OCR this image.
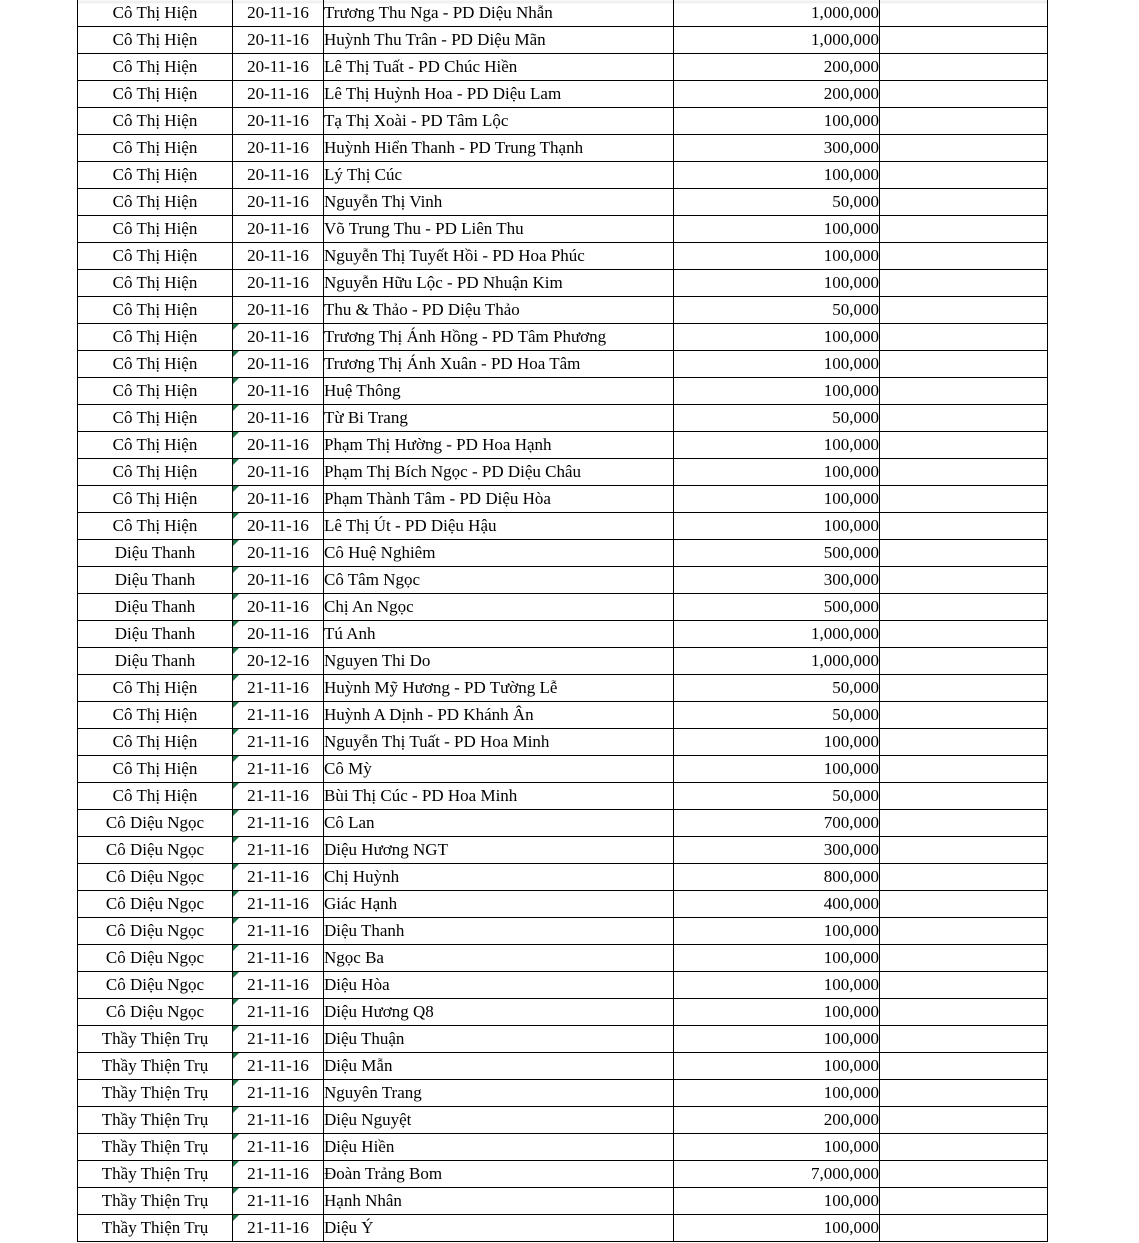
Cô Thị Hiện	20-11-16	Trương Thu Nga - PD Diệu Nhẫn	1,000,000	
Cô Thị Hiện	20-11-16	Huỳnh Thu Trân - PD Diệu Mãn	1,000,000	
Cô Thị Hiện	20-11-16	Lê Thị Tuất - PD Chúc Hiền	200,000	
Cô Thị Hiện	20-11-16	Lê Thị Huỳnh Hoa - PD Diệu Lam	200,000	
Cô Thị Hiện	20-11-16	Tạ Thị Xoài - PD Tâm Lộc	100,000	
Cô Thị Hiện	20-11-16	Huỳnh Hiển Thanh - PD Trung Thạnh	300,000	
Cô Thị Hiện	20-11-16	Lý Thị Cúc	100,000	
Cô Thị Hiện	20-11-16	Nguyễn Thị Vinh	50,000	
Cô Thị Hiện	20-11-16	Võ Trung Thu - PD Liên Thu	100,000	
Cô Thị Hiện	20-11-16	Nguyễn Thị Tuyết Hồi - PD Hoa Phúc	100,000	
Cô Thị Hiện	20-11-16	Nguyễn Hữu Lộc - PD Nhuận Kim	100,000	
Cô Thị Hiện	20-11-16	Thu & Thảo - PD Diệu Thảo	50,000	
Cô Thị Hiện	20-11-16	Trương Thị Ánh Hồng - PD Tâm Phương	100,000	
Cô Thị Hiện	20-11-16	Trương Thị Ánh Xuân - PD Hoa Tâm	100,000	
Cô Thị Hiện	20-11-16	Huệ Thông	100,000	
Cô Thị Hiện	20-11-16	Từ Bi Trang	50,000	
Cô Thị Hiện	20-11-16	Phạm Thị Hường - PD Hoa Hạnh	100,000	
Cô Thị Hiện	20-11-16	Phạm Thị Bích Ngọc - PD Diệu Châu	100,000	
Cô Thị Hiện	20-11-16	Phạm Thành Tâm - PD Diệu Hòa	100,000	
Cô Thị Hiện	20-11-16	Lê Thị Út - PD Diệu Hậu	100,000	
Diệu Thanh	20-11-16	Cô Huệ Nghiêm	500,000	
Diệu Thanh	20-11-16	Cô Tâm Ngọc	300,000	
Diệu Thanh	20-11-16	Chị An Ngọc	500,000	
Diệu Thanh	20-11-16	Tú Anh	1,000,000	
Diệu Thanh	20-12-16	Nguyen Thi Do	1,000,000	
Cô Thị Hiện	21-11-16	Huỳnh Mỹ Hương - PD Tường Lễ	50,000	
Cô Thị Hiện	21-11-16	Huỳnh A Dịnh - PD Khánh Ân	50,000	
Cô Thị Hiện	21-11-16	Nguyễn Thị Tuất - PD Hoa Minh	100,000	
Cô Thị Hiện	21-11-16	Cô Mỳ	100,000	
Cô Thị Hiện	21-11-16	Bùi Thị Cúc - PD Hoa Minh	50,000	
Cô Diệu Ngọc	21-11-16	Cô Lan	700,000	
Cô Diệu Ngọc	21-11-16	Diệu Hương NGT	300,000	
Cô Diệu Ngọc	21-11-16	Chị Huỳnh	800,000	
Cô Diệu Ngọc	21-11-16	Giác Hạnh	400,000	
Cô Diệu Ngọc	21-11-16	Diệu Thanh	100,000	
Cô Diệu Ngọc	21-11-16	Ngọc Ba	100,000	
Cô Diệu Ngọc	21-11-16	Diệu Hòa	100,000	
Cô Diệu Ngọc	21-11-16	Diệu Hương Q8	100,000	
Thầy Thiện Trụ	21-11-16	Diệu Thuận	100,000	
Thầy Thiện Trụ	21-11-16	Diệu Mẫn	100,000	
Thầy Thiện Trụ	21-11-16	Nguyên Trang	100,000	
Thầy Thiện Trụ	21-11-16	Diệu Nguyệt	200,000	
Thầy Thiện Trụ	21-11-16	Diệu Hiền	100,000	
Thầy Thiện Trụ	21-11-16	Đoàn Trảng Bom	7,000,000	
Thầy Thiện Trụ	21-11-16	Hạnh Nhân	100,000	
Thầy Thiện Trụ	21-11-16	Diệu Ý	100,000	
